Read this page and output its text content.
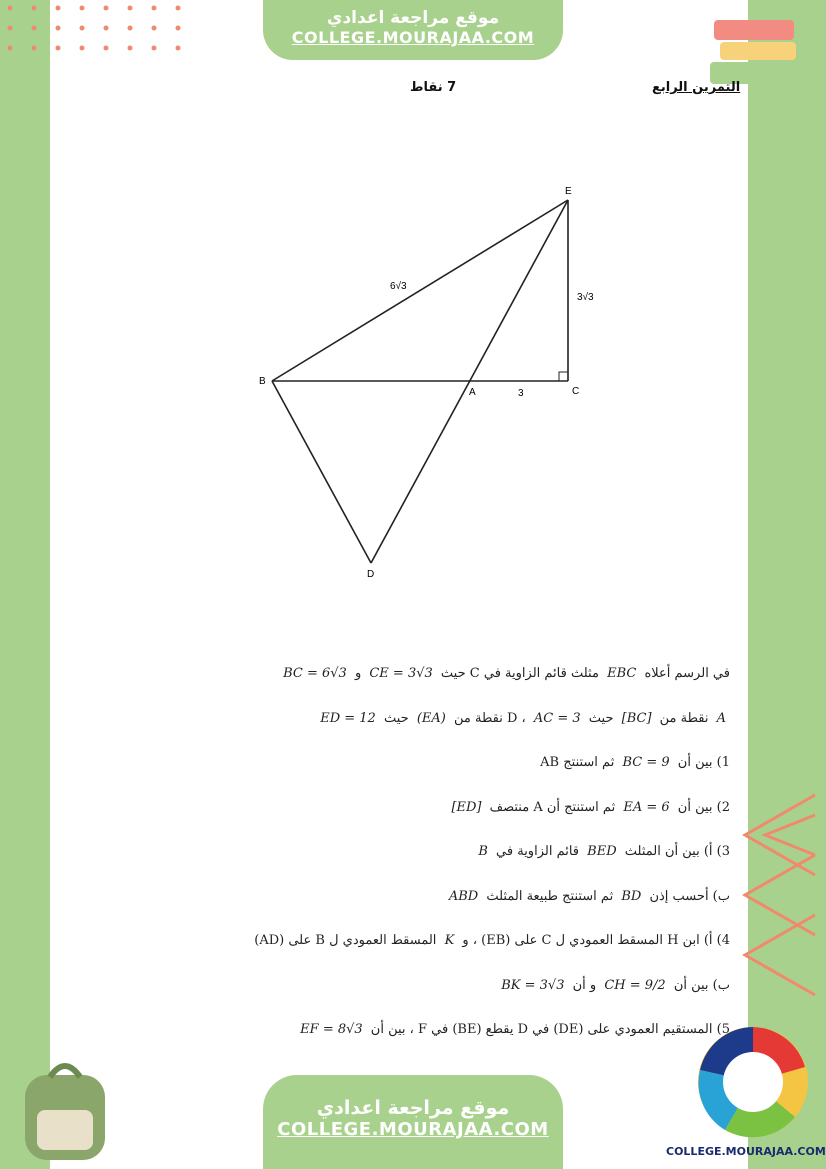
موقع مراجعة اعدادي
COLLEGE.MOURAJAA.COM
التمرين الرابع
7 نقاط
E
B
C
A
D
6√3
3√3
3
في الرسم أعلاه EBC مثلث قائم الزاوية في C حيث CE = 3√3 و BC = 6√3
A نقطة من [BC] حيث AC = 3 ، D نقطة من (EA) حيث ED = 12
1) بين أن BC = 9 ثم استنتج AB
2) بين أن EA = 6 ثم استنتج أن A منتصف [ED]
3) أ) بين أن المثلث BED قائم الزاوية في B
ب) أحسب إذن BD ثم استنتج طبيعة المثلث ABD
4) أ) ابن H المسقط العمودي ل C على (EB) ، و K المسقط العمودي ل B على (AD)
ب) بين أن CH = 9/2 و أن BK = 3√3
5) المستقيم العمودي على (DE) في D يقطع (BE) في F ، بين أن EF = 8√3
COLLEGE.MOURAJAA.COM
موقع مراجعة اعدادي
COLLEGE.MOURAJAA.COM
